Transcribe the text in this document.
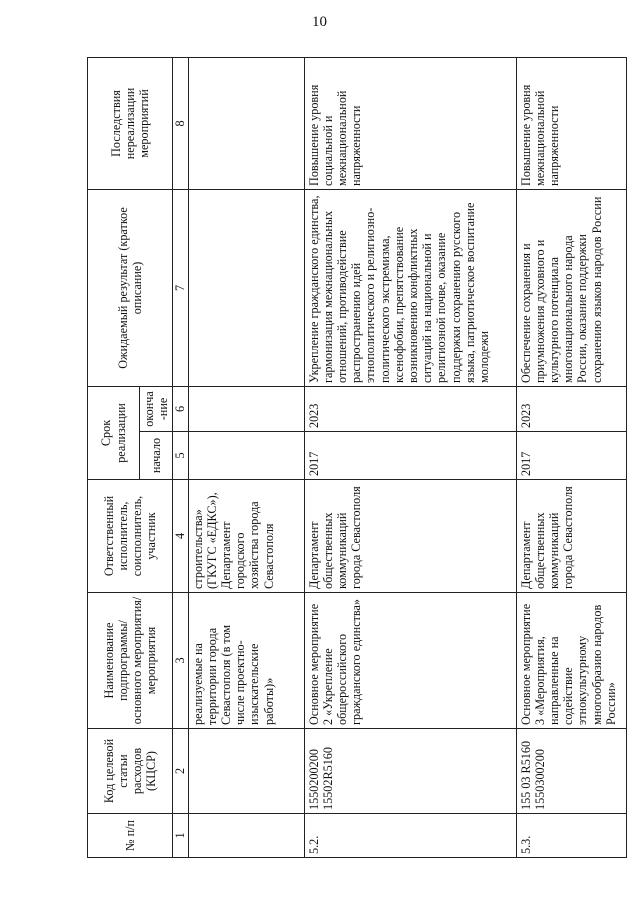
10
№ п/п	Код целевой статьи расходов (КЦСР)	Наименование подпрограммы/ основного мероприятия/ мероприятия	Ответственный исполнитель, соисполнитель, участник	Срок реализации		Ожидаемый результат (краткое описание)	Последствия нереализации мероприятий
				начало	оконча-ние		
1	2	3	4	5	6	7	8
		реализуемые на территории города Севастополя (в том числе проектно-изыскательские работы)»	строительства» (ГКУГС «ЕДКС»), Департамент городского хозяйства города Севастополя				
5.2.	1550200200 15502R5160	Основное мероприятие 2 «Укрепление общероссийского гражданского единства»	Департамент общественных коммуникаций города Севастополя	2017	2023	Укрепление гражданского единства, гармонизация межнациональных отношений, противодействие распространению идей этнополитического и религиозно-политического экстремизма, ксенофобии, препятствование возникновению конфликтных ситуаций на национальной и религиозной почве, оказание поддержки сохранению русского языка, патриотическое воспитание молодежи	Повышение уровня социальной и межнациональной напряженности
5.3.	155 03 R5160 1550300200	Основное мероприятие 3 «Мероприятия, направленные на содействие этнокультурному многообразию народов России»	Департамент общественных коммуникаций города Севастополя	2017	2023	Обеспечение сохранения и приумножения духовного и культурного потенциала многонационального народа России, оказание поддержки сохранению языков народов России	Повышение уровня межнациональной напряженности
